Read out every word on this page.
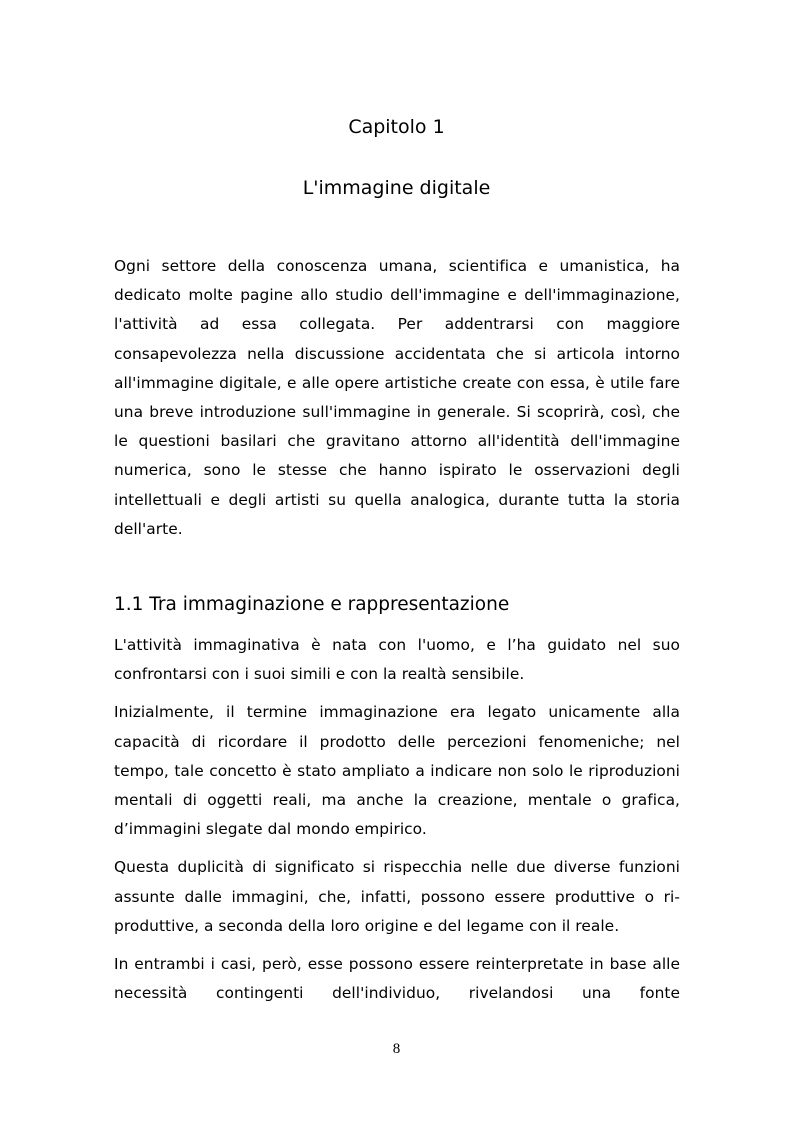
Capitolo 1
L'immagine digitale

Ogni settore della conoscenza umana, scientifica e umanistica, ha dedicato molte pagine allo studio dell'immagine e dell'immaginazione, l'attività ad essa collegata. Per addentrarsi con maggiore consapevolezza nella discussione accidentata che si articola intorno all'immagine digitale, e alle opere artistiche create con essa, è utile fare una breve introduzione sull'immagine in generale. Si scoprirà, così, che le questioni basilari che gravitano attorno all'identità dell'immagine numerica, sono le stesse che hanno ispirato le osservazioni degli intellettuali e degli artisti su quella analogica, durante tutta la storia dell'arte.

1.1 Tra immaginazione e rappresentazione

L'attività immaginativa è nata con l'uomo, e l’ha guidato nel suo confrontarsi con i suoi simili e con la realtà sensibile.

Inizialmente, il termine immaginazione era legato unicamente alla capacità di ricordare il prodotto delle percezioni fenomeniche; nel tempo, tale concetto è stato ampliato a indicare non solo le riproduzioni mentali di oggetti reali, ma anche la creazione, mentale o grafica, d’immagini slegate dal mondo empirico.

Questa duplicità di significato si rispecchia nelle due diverse funzioni assunte dalle immagini, che, infatti, possono essere produttive o ri-produttive, a seconda della loro origine e del legame con il reale.

In entrambi i casi, però, esse possono essere reinterpretate in base alle necessità contingenti dell'individuo, rivelandosi una fonte

8
